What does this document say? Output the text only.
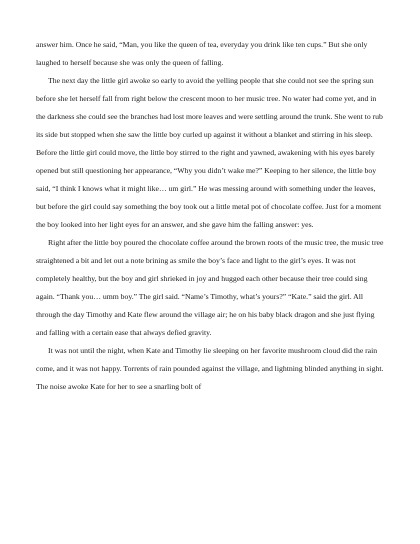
answer him. Once he said, “Man, you like the queen of tea, everyday you drink like ten cups.” But she only laughed to herself because she was only the queen of falling.

The next day the little girl awoke so early to avoid the yelling people that she could not see the spring sun before she let herself fall from right below the crescent moon to her music tree. No water had come yet, and in the darkness she could see the branches had lost more leaves and were settling around the trunk. She went to rub its side but stopped when she saw the little boy curled up against it without a blanket and stirring in his sleep. Before the little girl could move, the little boy stirred to the right and yawned, awakening with his eyes barely opened but still questioning her appearance, “Why you didn’t wake me?” Keeping to her silence, the little boy said, “I think I knows what it might like… um girl.” He was messing around with something under the leaves, but before the girl could say something the boy took out a little metal pot of chocolate coffee. Just for a moment the boy looked into her light eyes for an answer, and she gave him the falling answer: yes.

Right after the little boy poured the chocolate coffee around the brown roots of the music tree, the music tree straightened a bit and let out a note brining as smile the boy’s face and light to the girl’s eyes. It was not completely healthy, but the boy and girl shrieked in joy and hugged each other because their tree could sing again. “Thank you… umm boy.” The girl said. “Name’s Timothy, what’s yours?” “Kate.” said the girl. All through the day Timothy and Kate flew around the village air; he on his baby black dragon and she just flying and falling with a certain ease that always defied gravity.

It was not until the night, when Kate and Timothy lie sleeping on her favorite mushroom cloud did the rain come, and it was not happy. Torrents of rain pounded against the village, and lightning blinded anything in sight. The noise awoke Kate for her to see a snarling bolt of
